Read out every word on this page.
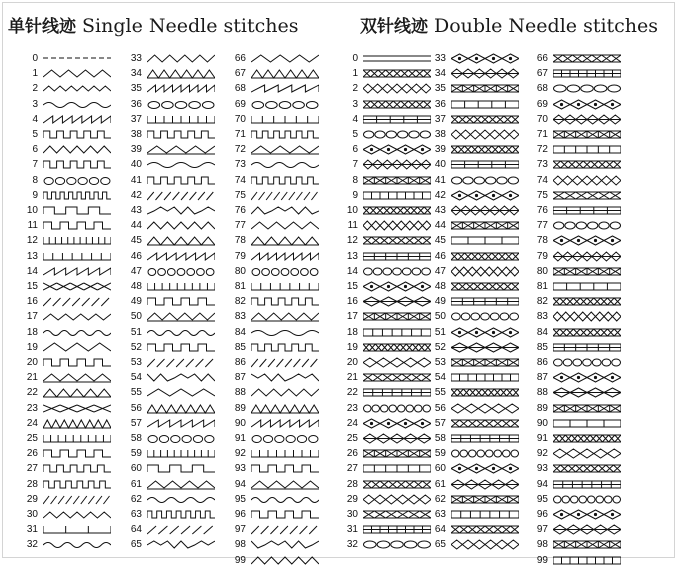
单针线迹 Single Needle stitches	双针线迹 Double Needle stitches
0
1
2
3
4
5
6
7
8
9
10
11
12
13
14
15
16
17
18
19
20
21
22
23
24
25
26
27
28
29
30
31
32
33
34
35
36
37
38
39
40
41
42
43
44
45
46
47
48
49
50
51
52
53
54
55
56
57
58
59
60
61
62
63
64
65
66
67
68
69
70
71
72
73
74
75
76
77
78
79
80
81
82
83
84
85
86
87
88
89
90
91
92
93
94
95
96
97
98
99
0
1
2
3
4
5
6
7
8
9
10
11
12
13
14
15
16
17
18
19
20
21
22
23
24
25
26
27
28
29
30
31
32
33
34
35
36
37
38
39
40
41
42
43
44
45
46
47
48
49
50
51
52
53
54
55
56
57
58
59
60
61
62
63
64
65
66
67
68
69
70
71
72
73
74
75
76
77
78
79
80
81
82
83
84
85
86
87
88
89
90
91
92
93
94
95
96
97
98
99
